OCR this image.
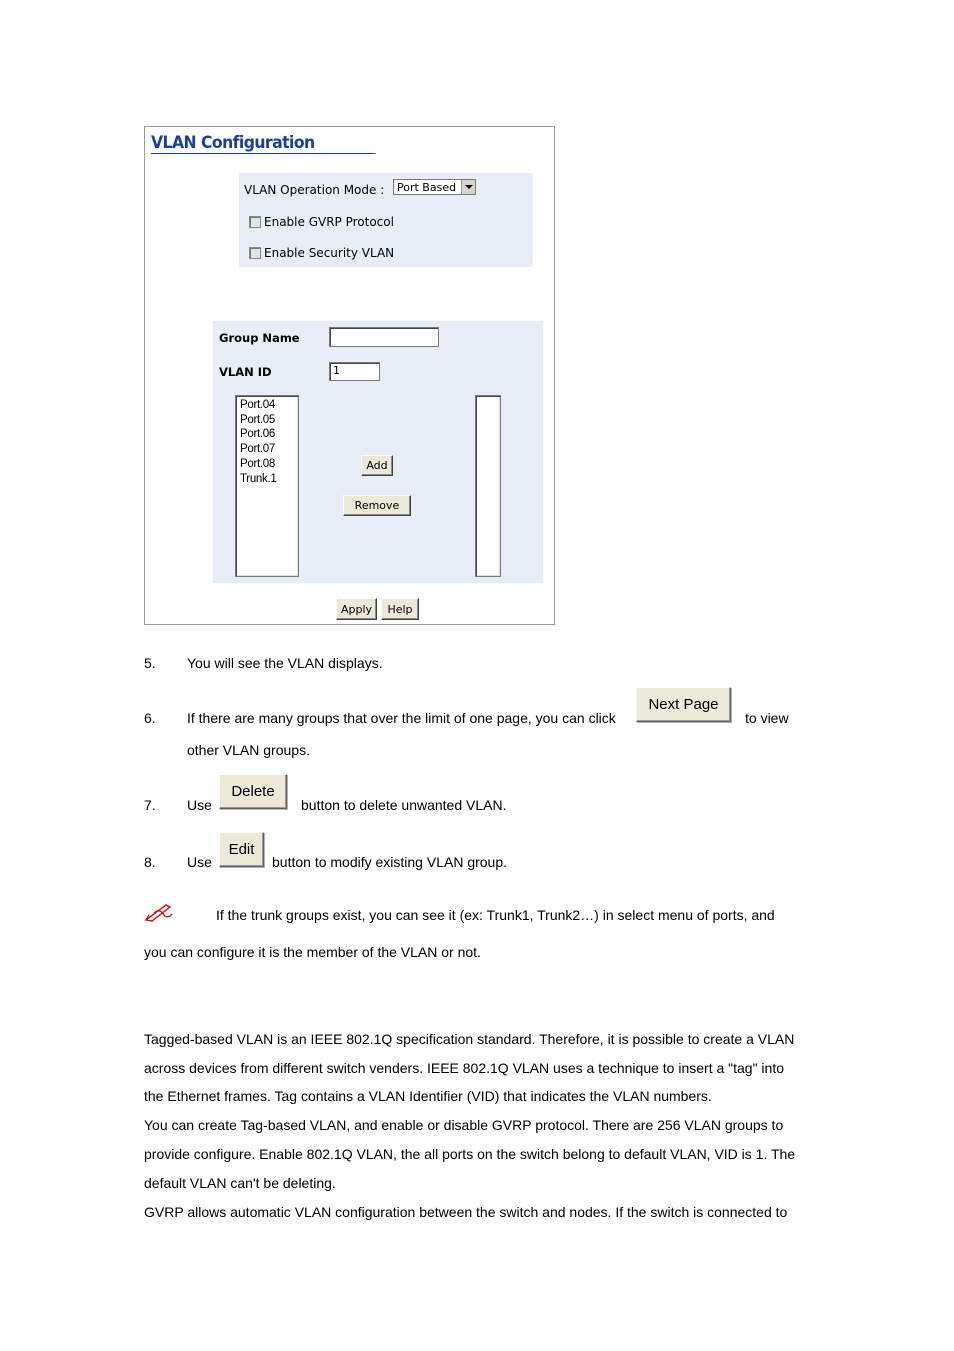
VLAN Configuration
VLAN Operation Mode :	Port Based
Enable GVRP Protocol
Enable Security VLAN
Group Name
VLAN ID	1
Port.04
Port.05
Port.06
Port.07
Port.08
Trunk.1
Add
Remove
Apply	Help
5. You will see the VLAN displays.
6. If there are many groups that over the limit of one page, you can click
Next Page
to view
other VLAN groups.
7. Use
Delete
button to delete unwanted VLAN.
8. Use
Edit
button to modify existing VLAN group.
If the trunk groups exist, you can see it (ex: Trunk1, Trunk2…) in select menu of ports, and
you can configure it is the member of the VLAN or not.
Tagged-based VLAN is an IEEE 802.1Q specification standard. Therefore, it is possible to create a VLAN
across devices from different switch venders. IEEE 802.1Q VLAN uses a technique to insert a "tag" into
the Ethernet frames. Tag contains a VLAN Identifier (VID) that indicates the VLAN numbers.
You can create Tag-based VLAN, and enable or disable GVRP protocol. There are 256 VLAN groups to
provide configure. Enable 802.1Q VLAN, the all ports on the switch belong to default VLAN, VID is 1. The
default VLAN can't be deleting.
GVRP allows automatic VLAN configuration between the switch and nodes. If the switch is connected to
